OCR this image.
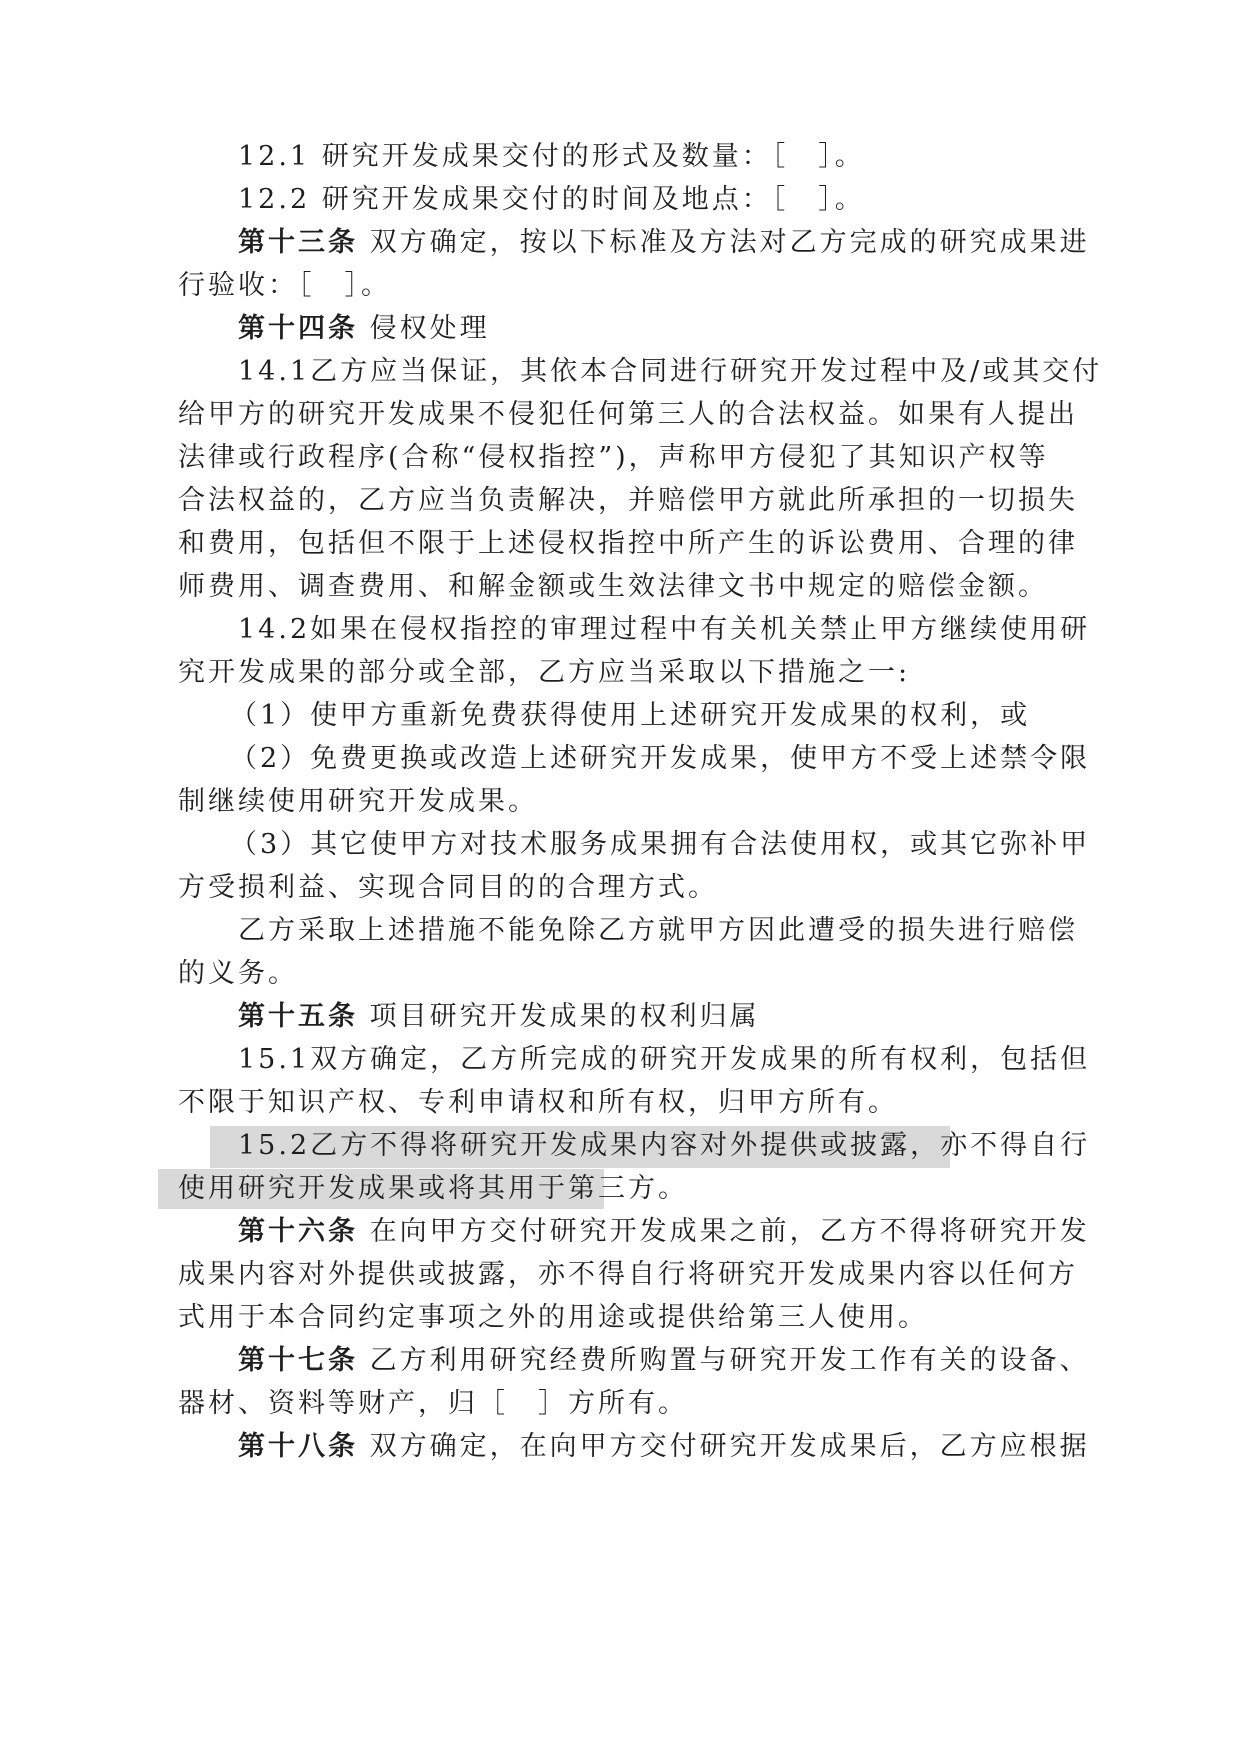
12.1 研究开发成果交付的形式及数量：［　］。

12.2 研究开发成果交付的时间及地点：［　］。

第十三条 双方确定，按以下标准及方法对乙方完成的研究成果进

行验收：［　］。

第十四条 侵权处理

14.1乙方应当保证，其依本合同进行研究开发过程中及/或其交付

给甲方的研究开发成果不侵犯任何第三人的合法权益。如果有人提出

法律或行政程序(合称“侵权指控”)，声称甲方侵犯了其知识产权等

合法权益的，乙方应当负责解决，并赔偿甲方就此所承担的一切损失

和费用，包括但不限于上述侵权指控中所产生的诉讼费用、合理的律

师费用、调查费用、和解金额或生效法律文书中规定的赔偿金额。

14.2如果在侵权指控的审理过程中有关机关禁止甲方继续使用研

究开发成果的部分或全部，乙方应当采取以下措施之一:

（1）使甲方重新免费获得使用上述研究开发成果的权利，或

（2）免费更换或改造上述研究开发成果，使甲方不受上述禁令限

制继续使用研究开发成果。

（3）其它使甲方对技术服务成果拥有合法使用权，或其它弥补甲

方受损利益、实现合同目的的合理方式。

乙方采取上述措施不能免除乙方就甲方因此遭受的损失进行赔偿

的义务。

第十五条 项目研究开发成果的权利归属

15.1双方确定，乙方所完成的研究开发成果的所有权利，包括但

不限于知识产权、专利申请权和所有权，归甲方所有。

15.2乙方不得将研究开发成果内容对外提供或披露，亦不得自行

使用研究开发成果或将其用于第三方。

第十六条 在向甲方交付研究开发成果之前，乙方不得将研究开发

成果内容对外提供或披露，亦不得自行将研究开发成果内容以任何方

式用于本合同约定事项之外的用途或提供给第三人使用。

第十七条 乙方利用研究经费所购置与研究开发工作有关的设备、

器材、资料等财产，归［　］方所有。

第十八条 双方确定，在向甲方交付研究开发成果后，乙方应根据
